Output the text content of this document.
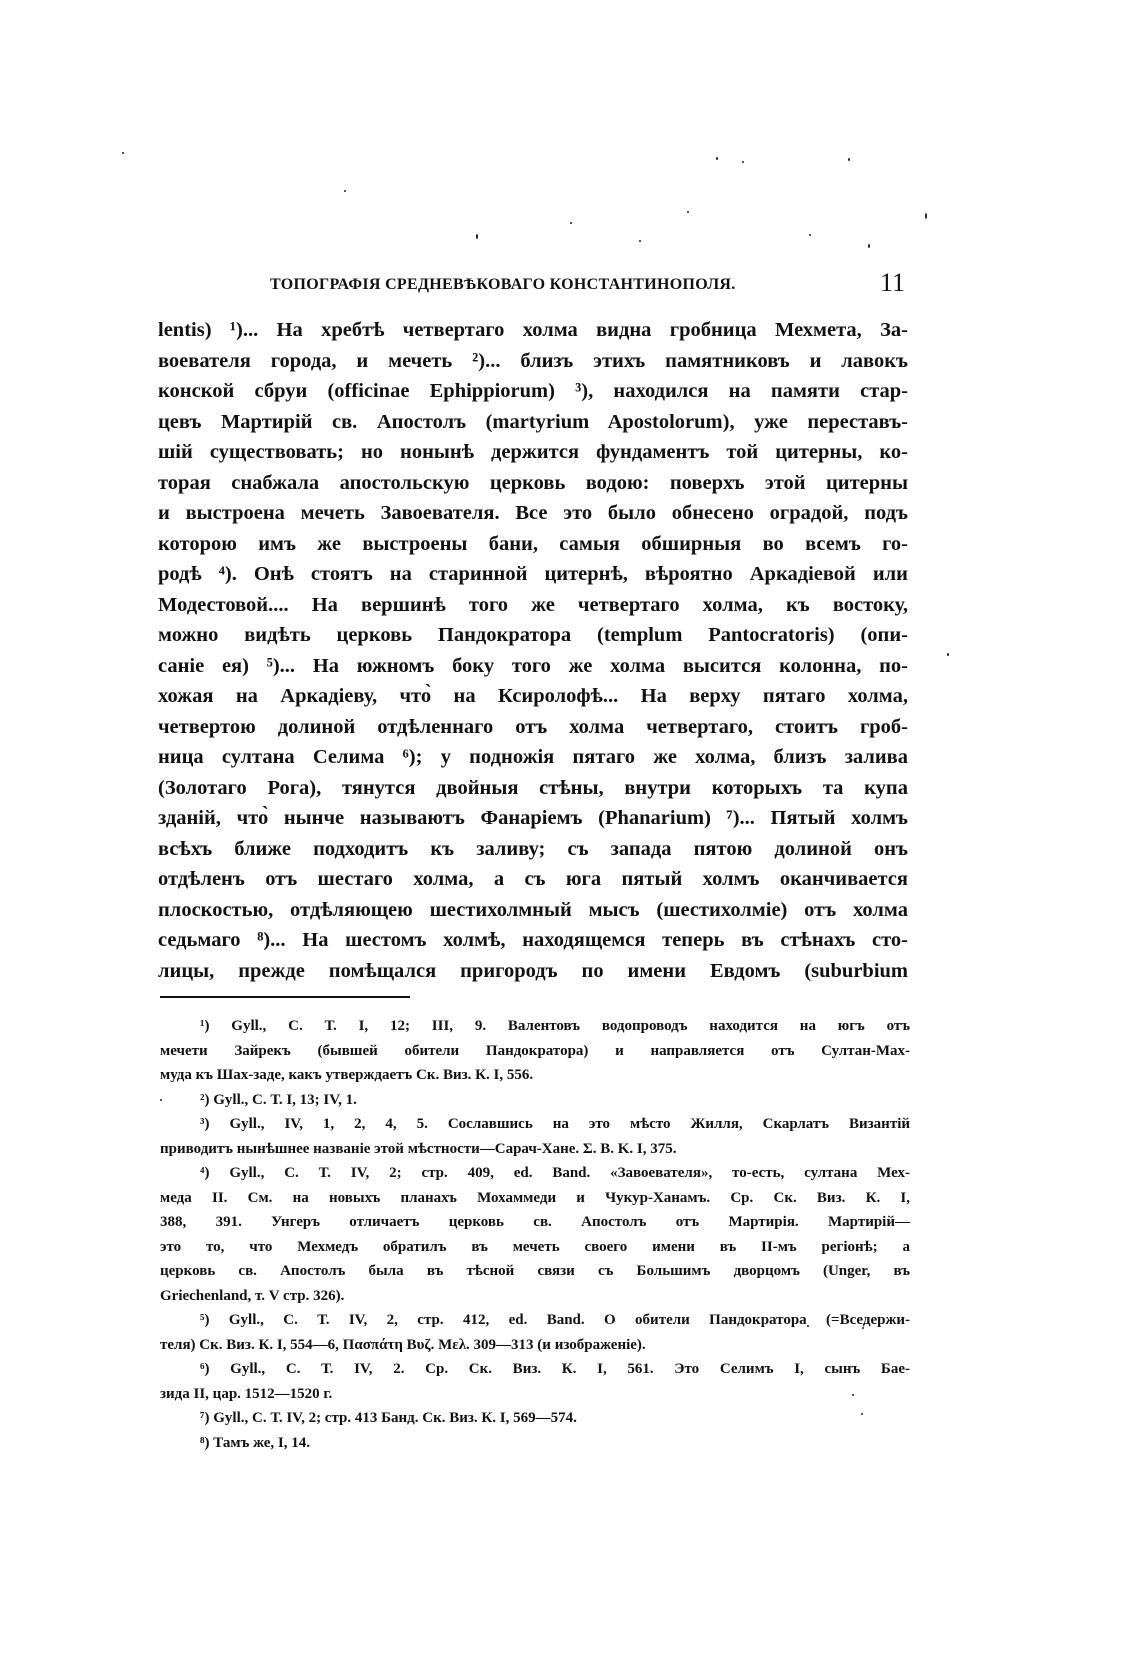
ТОПОГРАФІЯ СРЕДНЕВѢКОВАГО КОНСТАНТИНОПОЛЯ.	11
lentis) ¹)... На хребтѣ четвертаго холма видна гробница Мехмета, За-
воевателя города, и мечеть ²)... близъ этихъ памятниковъ и лавокъ
конской сбруи (officinae Ephippiorum) ³), находился на памяти стар-
цевъ Мартирій св. Апостолъ (martyrium Apostolorum), уже переставъ-
шій существовать; но нонынѣ держится фундаментъ той цитерны, ко-
торая снабжала апостольскую церковь водою: поверхъ этой цитерны
и выстроена мечеть Завоевателя. Все это было обнесено оградой, подъ
которою имъ же выстроены бани, самыя обширныя во всемъ го-
родѣ ⁴). Онѣ стоятъ на старинной цитернѣ, вѣроятно Аркадіевой или
Модестовой.... На вершинѣ того же четвертаго холма, къ востоку,
можно видѣть церковь Пандократора (templum Pantocratoris) (опи-
саніе ея) ⁵)... На южномъ боку того же холма высится колонна, по-
хожая на Аркадіеву, что̀ на Ксиролофѣ... На верху пятаго холма,
четвертою долиной отдѣленнаго отъ холма четвертаго, стоитъ гроб-
ница султана Селима ⁶); у подножія пятаго же холма, близъ залива
(Золотаго Рога), тянутся двойныя стѣны, внутри которыхъ та купа
зданій, что̀ нынче называютъ Фанаріемъ (Phanarium) ⁷)... Пятый холмъ
всѣхъ ближе подходитъ къ заливу; съ запада пятою долиной онъ
отдѣленъ отъ шестаго холма, а съ юга пятый холмъ оканчивается
плоскостью, отдѣляющею шестихолмный мысъ (шестихолміе) отъ холма
седьмаго ⁸)... На шестомъ холмѣ, находящемся теперь въ стѣнахъ сто-
лицы, прежде помѣщался пригородъ по имени Евдомъ (suburbium
¹) Gyll., С. Т. I, 12; III, 9. Валентовъ водопроводъ находится на югъ отъ
мечети Зайрекъ (бывшей обители Пандократора) и направляется отъ Султан-Мах-
муда къ Шах-заде, какъ утверждаетъ Ск. Виз. К. I, 556.
²) Gyll., С. Т. I, 13; IV, 1.
³) Gyll., IV, 1, 2, 4, 5. Сославшись на это мѣсто Жилля, Скарлатъ Византій
приводитъ нынѣшнее названіе этой мѣстности—Сарач-Хане. Σ. Β. Κ. I, 375.
⁴) Gyll., С. Т. IV, 2; стр. 409, ed. Band. «Завоевателя», то-есть, султана Мех-
меда II. См. на новыхъ планахъ Мохаммеди и Чукур-Ханамъ. Ср. Ск. Виз. К. I,
388, 391. Унгеръ отличаетъ церковь св. Апостолъ отъ Мартирія. Мартирій—
это то, что Мехмедъ обратилъ въ мечеть своего имени въ II-мъ регіонѣ; а
церковь св. Апостолъ была въ тѣсной связи съ Большимъ дворцомъ (Unger, въ
Griechenland, т. V стр. 326).
⁵) Gyll., С. Т. IV, 2, стр. 412, ed. Band. О обители Пандократора (=Вседержи-
теля) Ск. Виз. К. I, 554—6, Πασπάτη Βυζ. Μελ. 309—313 (и изображеніе).
⁶) Gyll., С. Т. IV, 2. Ср. Ск. Виз. К. I, 561. Это Селимъ I, сынъ Бае-
зида II, цар. 1512—1520 г.
⁷) Gyll., С. Т. IV, 2; стр. 413 Банд. Ск. Виз. К. I, 569—574.
⁸) Тамъ же, I, 14.
